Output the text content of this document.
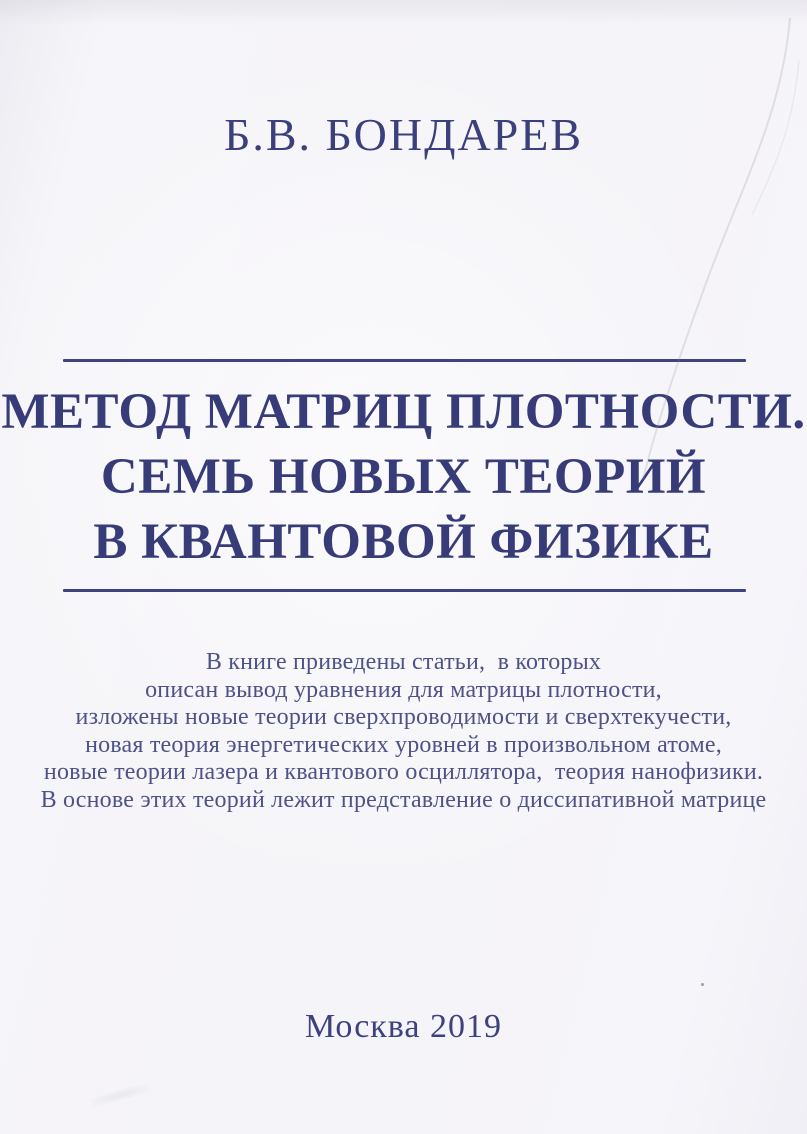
Б.В. БОНДАРЕВ
МЕТОД МАТРИЦ ПЛОТНОСТИ.
СЕМЬ НОВЫХ ТЕОРИЙ
В КВАНТОВОЙ ФИЗИКЕ
В книге приведены статьи,  в которых
описан вывод уравнения для матрицы плотности,
изложены новые теории сверхпроводимости и сверхтекучести,
новая теория энергетических уровней в произвольном атоме,
новые теории лазера и квантового осциллятора,  теория нанофизики.
В основе этих теорий лежит представление о диссипативной матрице
Москва 2019
